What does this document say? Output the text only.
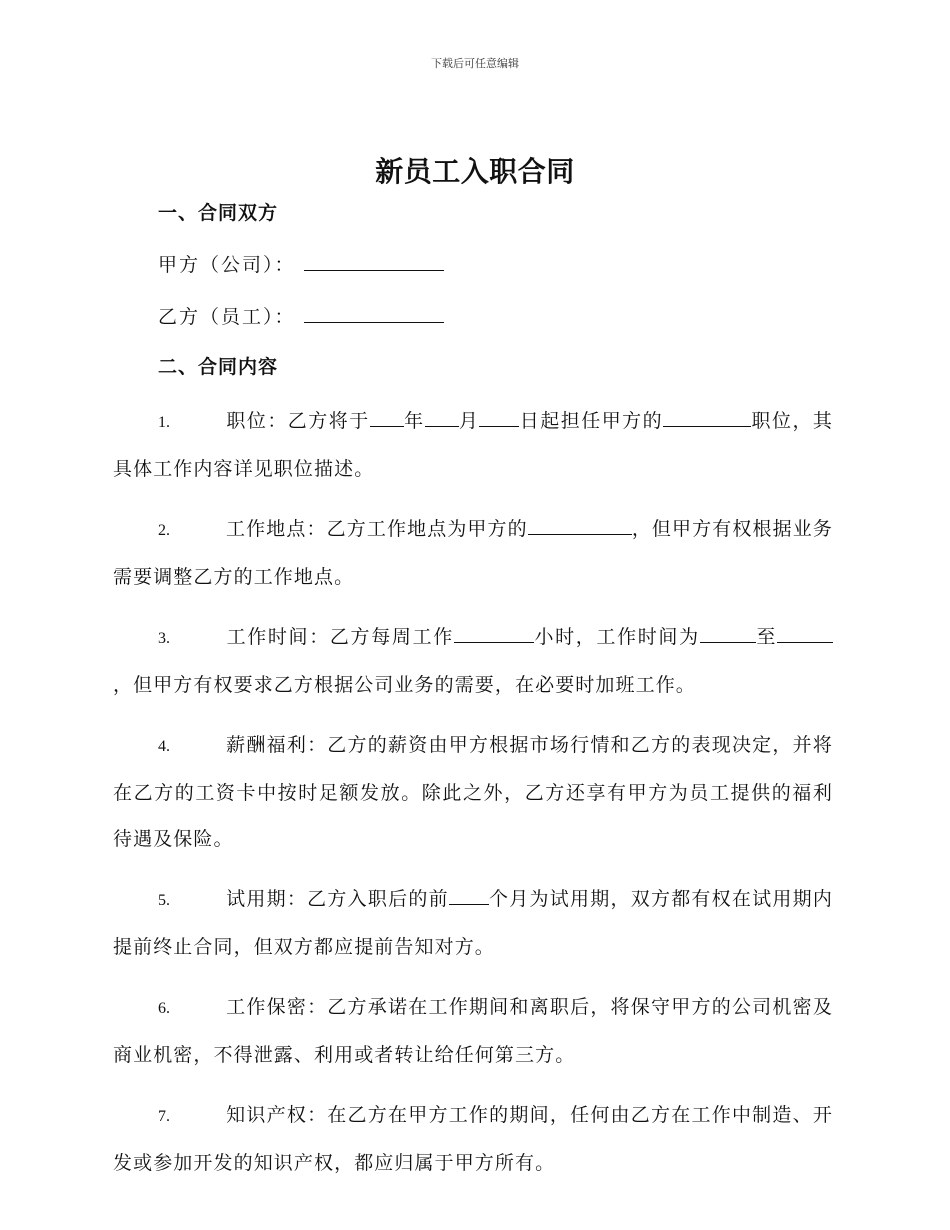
下载后可任意编辑
新员工入职合同
一、合同双方
甲方（公司）：
乙方（员工）：
二、合同内容
1.	职位：乙方将于 年 月 日起担任甲方的	职位，其具体工作内容详见职位描述。
2.	工作地点：乙方工作地点为甲方的	，但甲方有权根据业务需要调整乙方的工作地点。
3.	工作时间：乙方每周工作	小时，工作时间为	至，但甲方有权要求乙方根据公司业务的需要，在必要时加班工作。
4.	薪酬福利：乙方的薪资由甲方根据市场行情和乙方的表现决定，并将在乙方的工资卡中按时足额发放。除此之外，乙方还享有甲方为员工提供的福利待遇及保险。
5.	试用期：乙方入职后的前 个月为试用期，双方都有权在试用期内提前终止合同，但双方都应提前告知对方。
6.	工作保密：乙方承诺在工作期间和离职后，将保守甲方的公司机密及商业机密，不得泄露、利用或者转让给任何第三方。
7.	知识产权：在乙方在甲方工作的期间，任何由乙方在工作中制造、开发或参加开发的知识产权，都应归属于甲方所有。
